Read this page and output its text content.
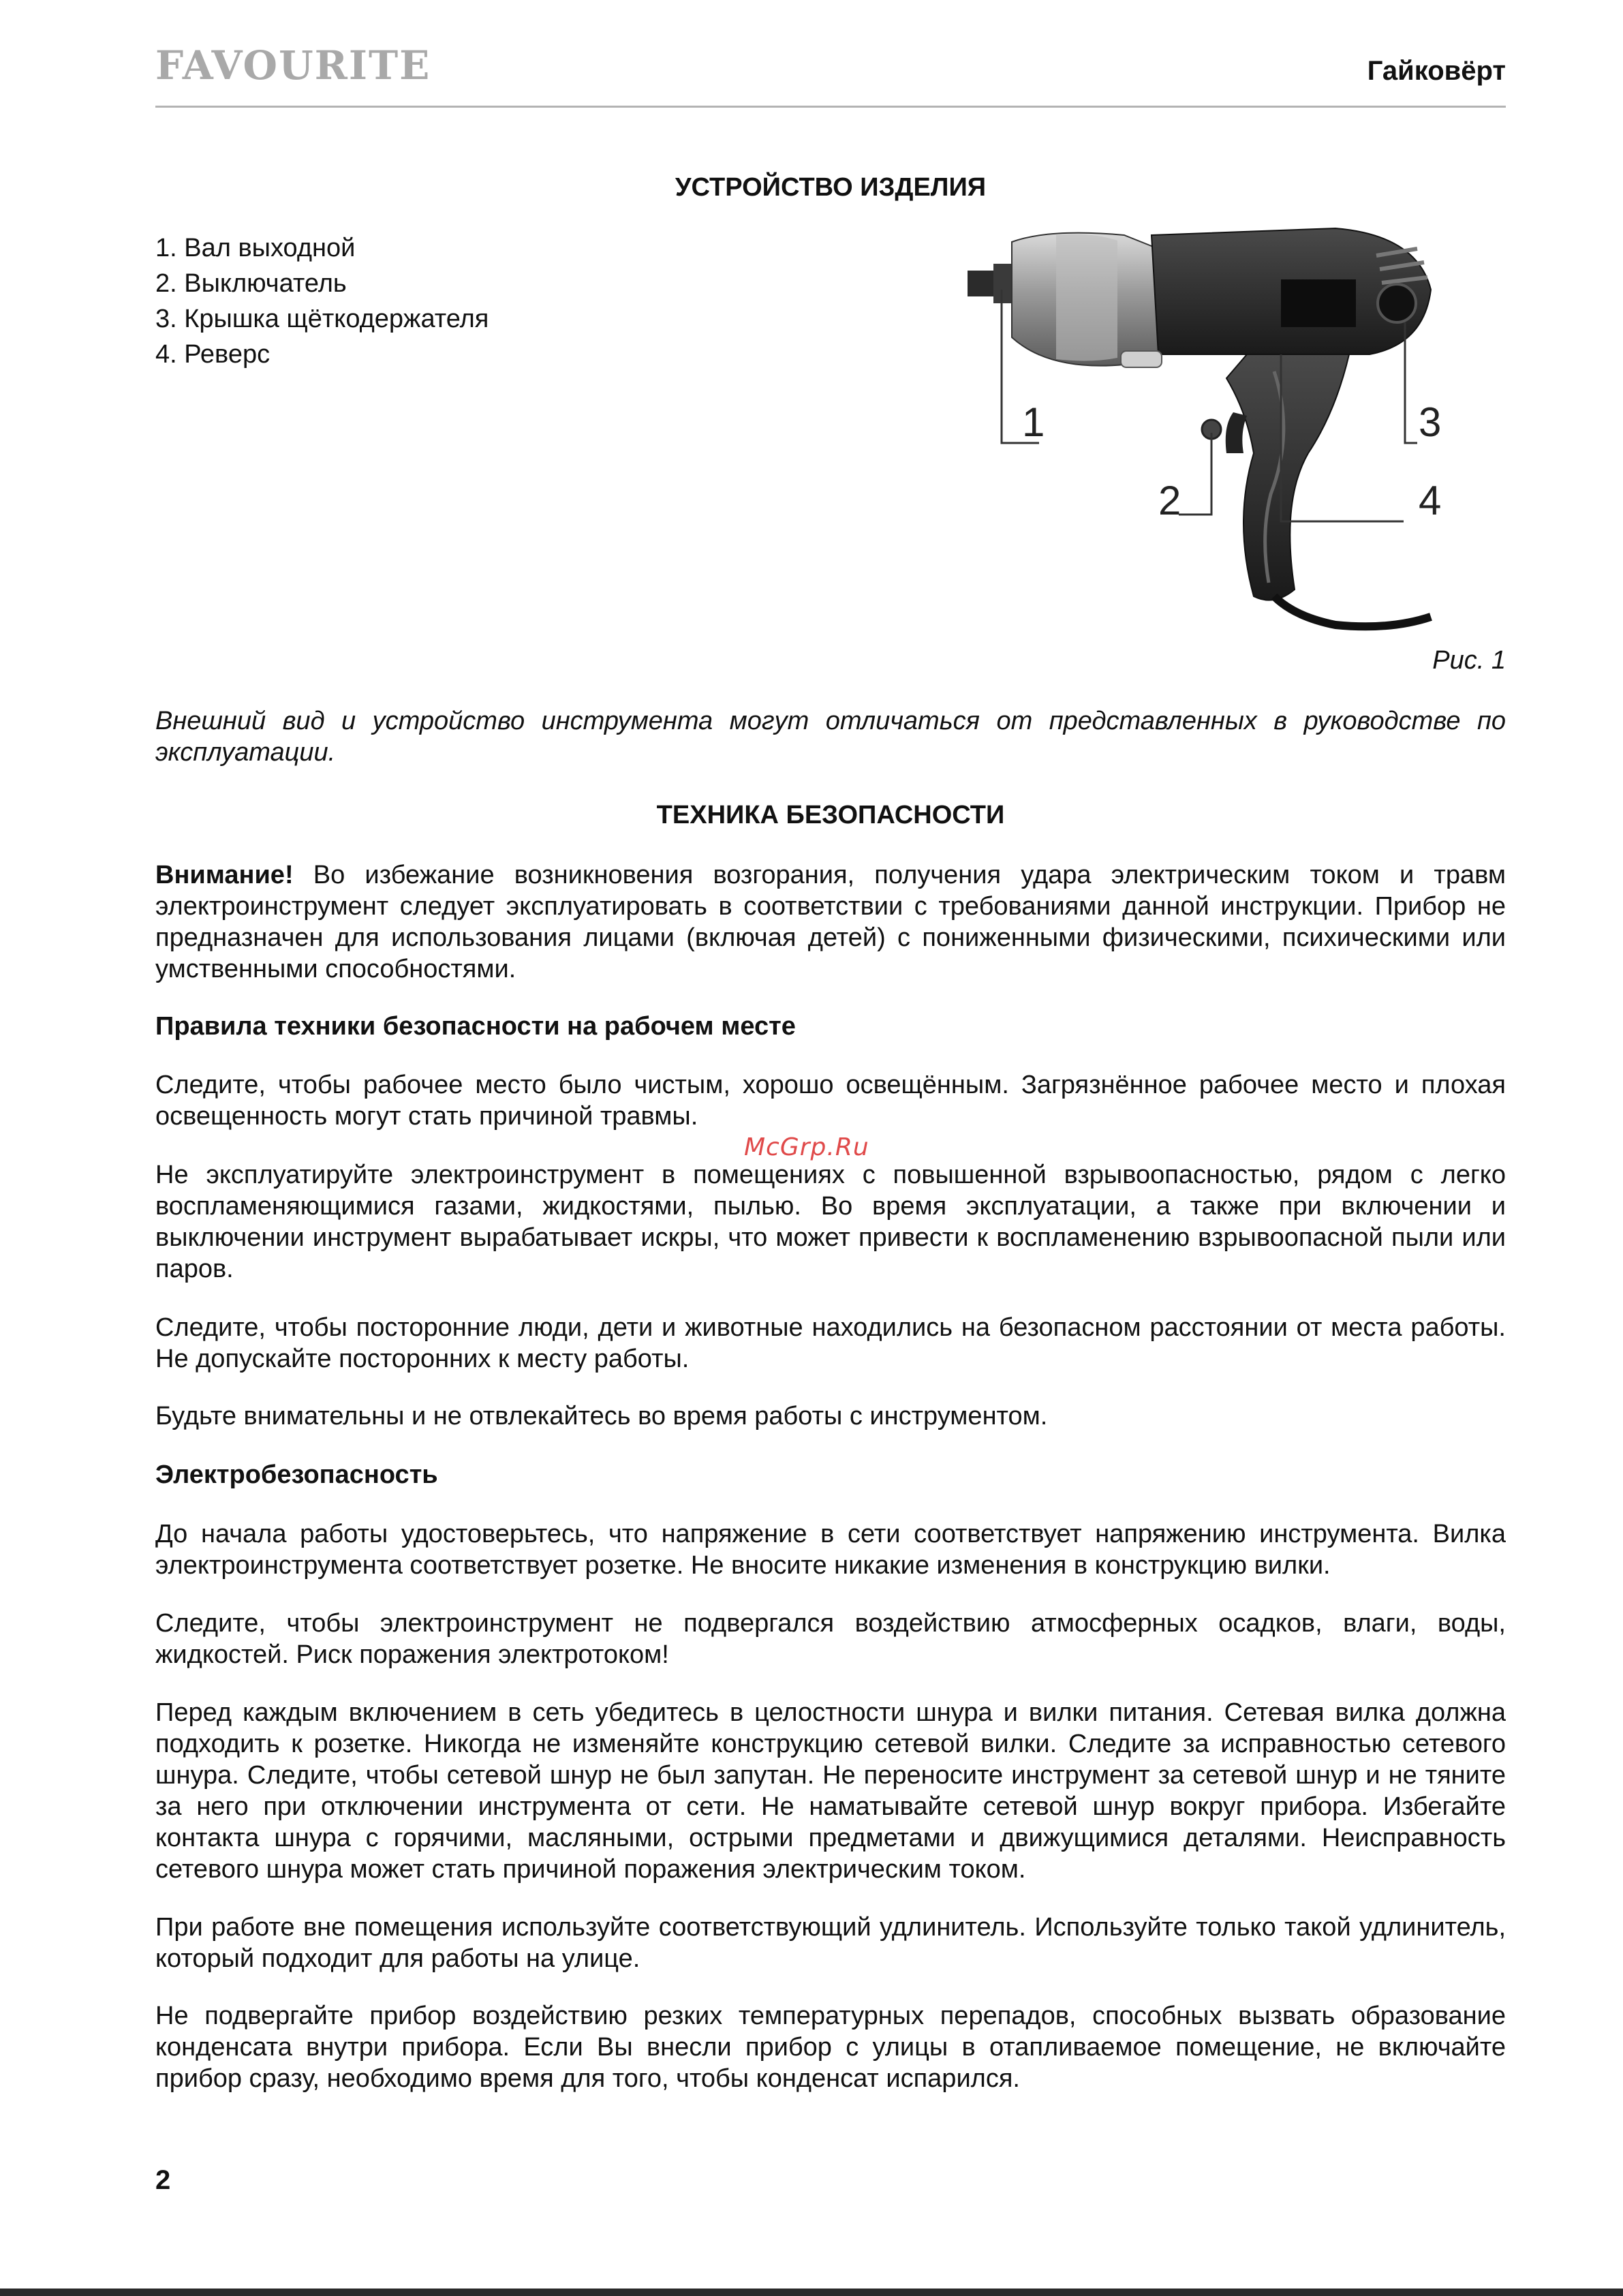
FAVOURITE	Гайковёрт
УСТРОЙСТВО ИЗДЕЛИЯ
1. Вал выходной
2. Выключатель
3. Крышка щёткодержателя
4. Реверс
1
2
3
4
Рис. 1

Внешний вид и устройство инструмента могут отличаться от представленных в руководстве по эксплуатации.

ТЕХНИКА БЕЗОПАСНОСТИ

Внимание! Во избежание возникновения возгорания, получения удара электрическим током и травм электроинструмент следует эксплуатировать в соответствии с требованиями данной инструкции. Прибор не предназначен для использования лицами (включая детей) с пониженными физическими, психическими или умственными способностями.

Правила техники безопасности на рабочем месте

Следите, чтобы рабочее место было чистым, хорошо освещённым. Загрязнённое рабочее место и плохая освещенность могут стать причиной травмы.

McGrp.Ru

Не эксплуатируйте электроинструмент в помещениях с повышенной взрывоопасностью, рядом с легко воспламеняющимися газами, жидкостями, пылью. Во время эксплуатации, а также при включении и выключении инструмент вырабатывает искры, что может привести к воспламенению взрывоопасной пыли или паров.

Следите, чтобы посторонние люди, дети и животные находились на безопасном расстоянии от места работы. Не допускайте посторонних к месту работы.

Будьте внимательны и не отвлекайтесь во время работы с инструментом.

Электробезопасность

До начала работы удостоверьтесь, что напряжение в сети соответствует напряжению инструмента. Вилка электроинструмента соответствует розетке. Не вносите никакие изменения в конструкцию вилки.

Следите, чтобы электроинструмент не подвергался воздействию атмосферных осадков, влаги, воды, жидкостей. Риск поражения электротоком!

Перед каждым включением в сеть убедитесь в целостности шнура и вилки питания. Сетевая вилка должна подходить к розетке. Никогда не изменяйте конструкцию сетевой вилки. Следите за исправностью сетевого шнура. Следите, чтобы сетевой шнур не был запутан. Не переносите инструмент за сетевой шнур и не тяните за него при отключении инструмента от сети. Не наматывайте сетевой шнур вокруг прибора. Избегайте контакта шнура с горячими, масляными, острыми предметами и движущимися деталями. Неисправность сетевого шнура может стать причиной поражения электрическим током.

При работе вне помещения используйте соответствующий удлинитель. Используйте только такой удлинитель, который подходит для работы на улице.

Не подвергайте прибор воздействию резких температурных перепадов, способных вызвать образование конденсата внутри прибора. Если Вы внесли прибор с улицы в отапливаемое помещение, не включайте прибор сразу, необходимо время для того, чтобы конденсат испарился.

2
